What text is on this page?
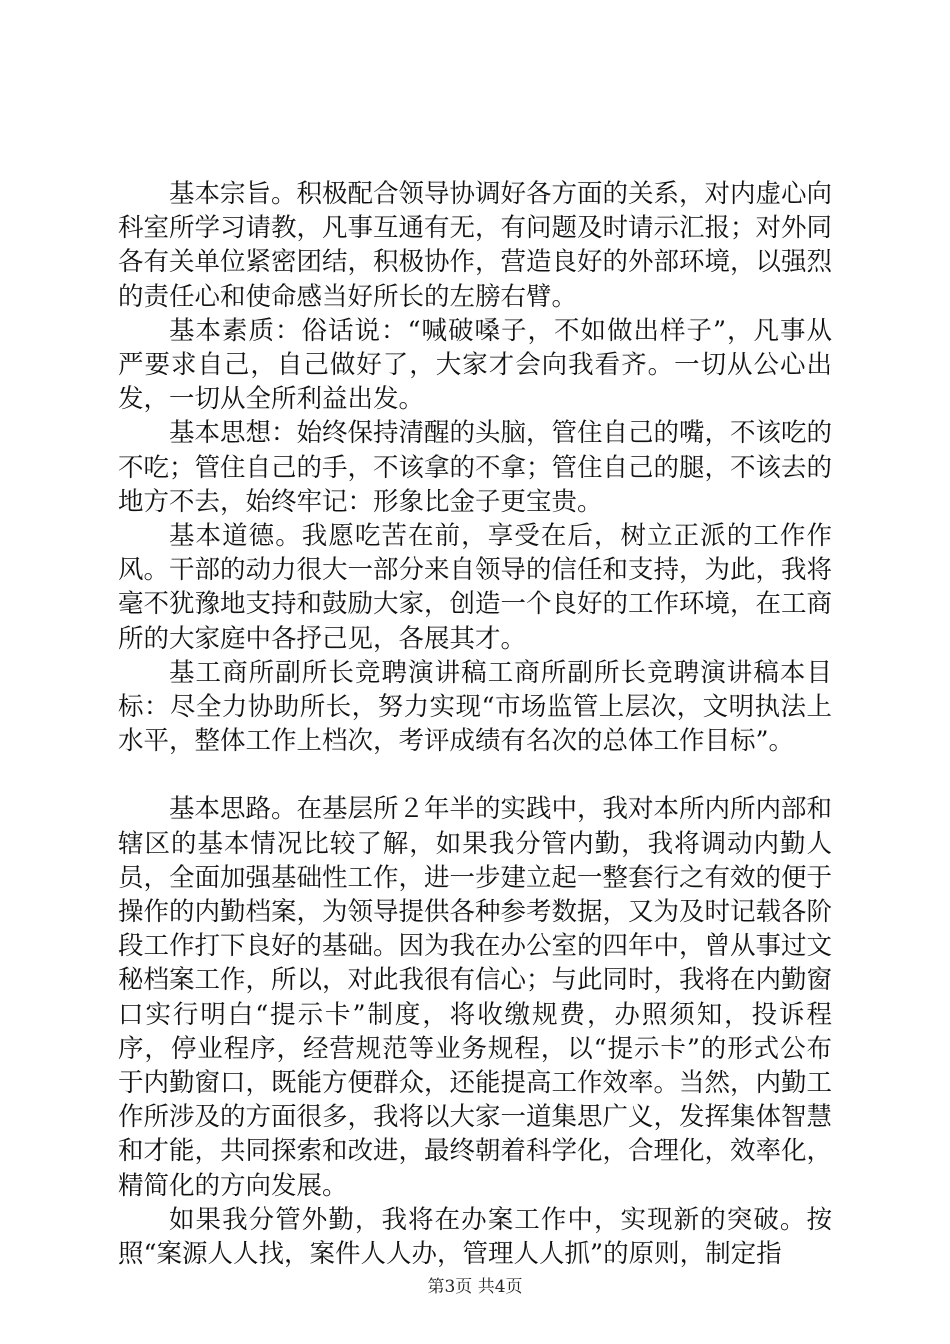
基本宗旨。积极配合领导协调好各方面的关系，对内虚心向科室所学习请教，凡事互通有无，有问题及时请示汇报；对外同各有关单位紧密团结，积极协作，营造良好的外部环境，以强烈的责任心和使命感当好所长的左膀右臂。

基本素质：俗话说：“喊破嗓子，不如做出样子”，凡事从严要求自己，自己做好了，大家才会向我看齐。一切从公心出发，一切从全所利益出发。

基本思想：始终保持清醒的头脑，管住自己的嘴，不该吃的不吃；管住自己的手，不该拿的不拿；管住自己的腿，不该去的地方不去，始终牢记：形象比金子更宝贵。

基本道德。我愿吃苦在前，享受在后，树立正派的工作作风。干部的动力很大一部分来自领导的信任和支持，为此，我将毫不犹豫地支持和鼓励大家，创造一个良好的工作环境，在工商所的大家庭中各抒己见，各展其才。

基工商所副所长竞聘演讲稿工商所副所长竞聘演讲稿本目标：尽全力协助所长，努力实现“市场监管上层次，文明执法上水平，整体工作上档次，考评成绩有名次的总体工作目标”。

基本思路。在基层所２年半的实践中，我对本所内所内部和辖区的基本情况比较了解，如果我分管内勤，我将调动内勤人员，全面加强基础性工作，进一步建立起一整套行之有效的便于操作的内勤档案，为领导提供各种参考数据，又为及时记载各阶段工作打下良好的基础。因为我在办公室的四年中，曾从事过文秘档案工作，所以，对此我很有信心；与此同时，我将在内勤窗口实行明白“提示卡”制度，将收缴规费，办照须知，投诉程序，停业程序，经营规范等业务规程，以“提示卡”的形式公布于内勤窗口，既能方便群众，还能提高工作效率。当然，内勤工作所涉及的方面很多，我将以大家一道集思广义，发挥集体智慧和才能，共同探索和改进，最终朝着科学化，合理化，效率化，精简化的方向发展。

如果我分管外勤，我将在办案工作中，实现新的突破。按照“案源人人找，案件人人办，管理人人抓”的原则，制定指

第3页 共4页
